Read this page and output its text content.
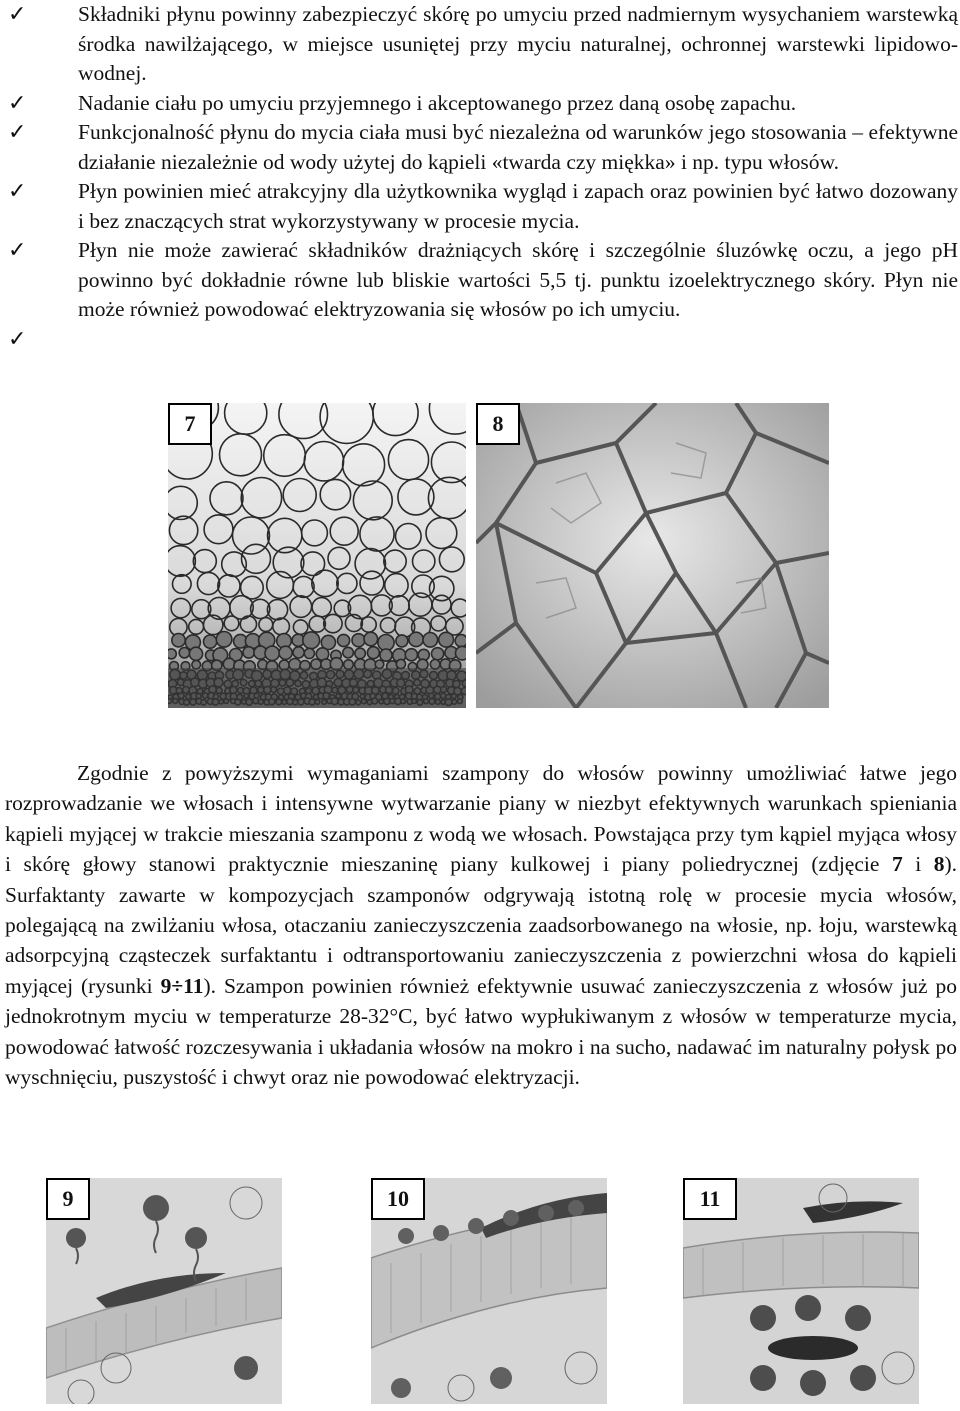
✓ Składniki płynu powinny zabezpieczyć skórę po umyciu przed nadmiernym wysychaniem warstewką środka nawilżającego, w miejsce usuniętej przy myciu naturalnej, ochronnej warstewki lipidowo-wodnej.
✓ Nadanie ciału po umyciu przyjemnego i akceptowanego przez daną osobę zapachu.
✓ Funkcjonalność płynu do mycia ciała musi być niezależna od warunków jego stosowania – efektywne działanie niezależnie od wody użytej do kąpieli «twarda czy miękka» i np. typu włosów.
✓ Płyn powinien mieć atrakcyjny dla użytkownika wygląd i zapach oraz powinien być łatwo dozowany i bez znaczących strat wykorzystywany w procesie mycia.
✓ Płyn nie może zawierać składników drażniących skórę i szczególnie śluzówkę oczu, a jego pH powinno być dokładnie równe lub bliskie wartości 5,5 tj. punktu izoelektrycznego skóry. Płyn nie może również powodować elektryzowania się włosów po ich umyciu.
✓
7	8

Zgodnie z powyższymi wymaganiami szampony do włosów powinny umożliwiać łatwe jego rozprowadzanie we włosach i intensywne wytwarzanie piany w niezbyt efektywnych warunkach spieniania kąpieli myjącej w trakcie mieszania szamponu z wodą we włosach. Powstająca przy tym kąpiel myjąca włosy i skórę głowy stanowi praktycznie mieszaninę piany kulkowej i piany poliedrycznej (zdjęcie 7 i 8). Surfaktanty zawarte w kompozycjach szamponów odgrywają istotną rolę w procesie mycia włosów, polegającą na zwilżaniu włosa, otaczaniu zanieczyszczenia zaadsorbowanego na włosie, np. łoju, warstewką adsorpcyjną cząsteczek surfaktantu i odtransportowaniu zanieczyszczenia z powierzchni włosa do kąpieli myjącej (rysunki 9÷11). Szampon powinien również efektywnie usuwać zanieczyszczenia z włosów już po jednokrotnym myciu w temperaturze 28-32°C, być łatwo wypłukiwanym z włosów w temperaturze mycia, powodować łatwość rozczesywania i układania włosów na mokro i na sucho, nadawać im naturalny połysk po wyschnięciu, puszystość i chwyt oraz nie powodować elektryzacji.

9	10	11
